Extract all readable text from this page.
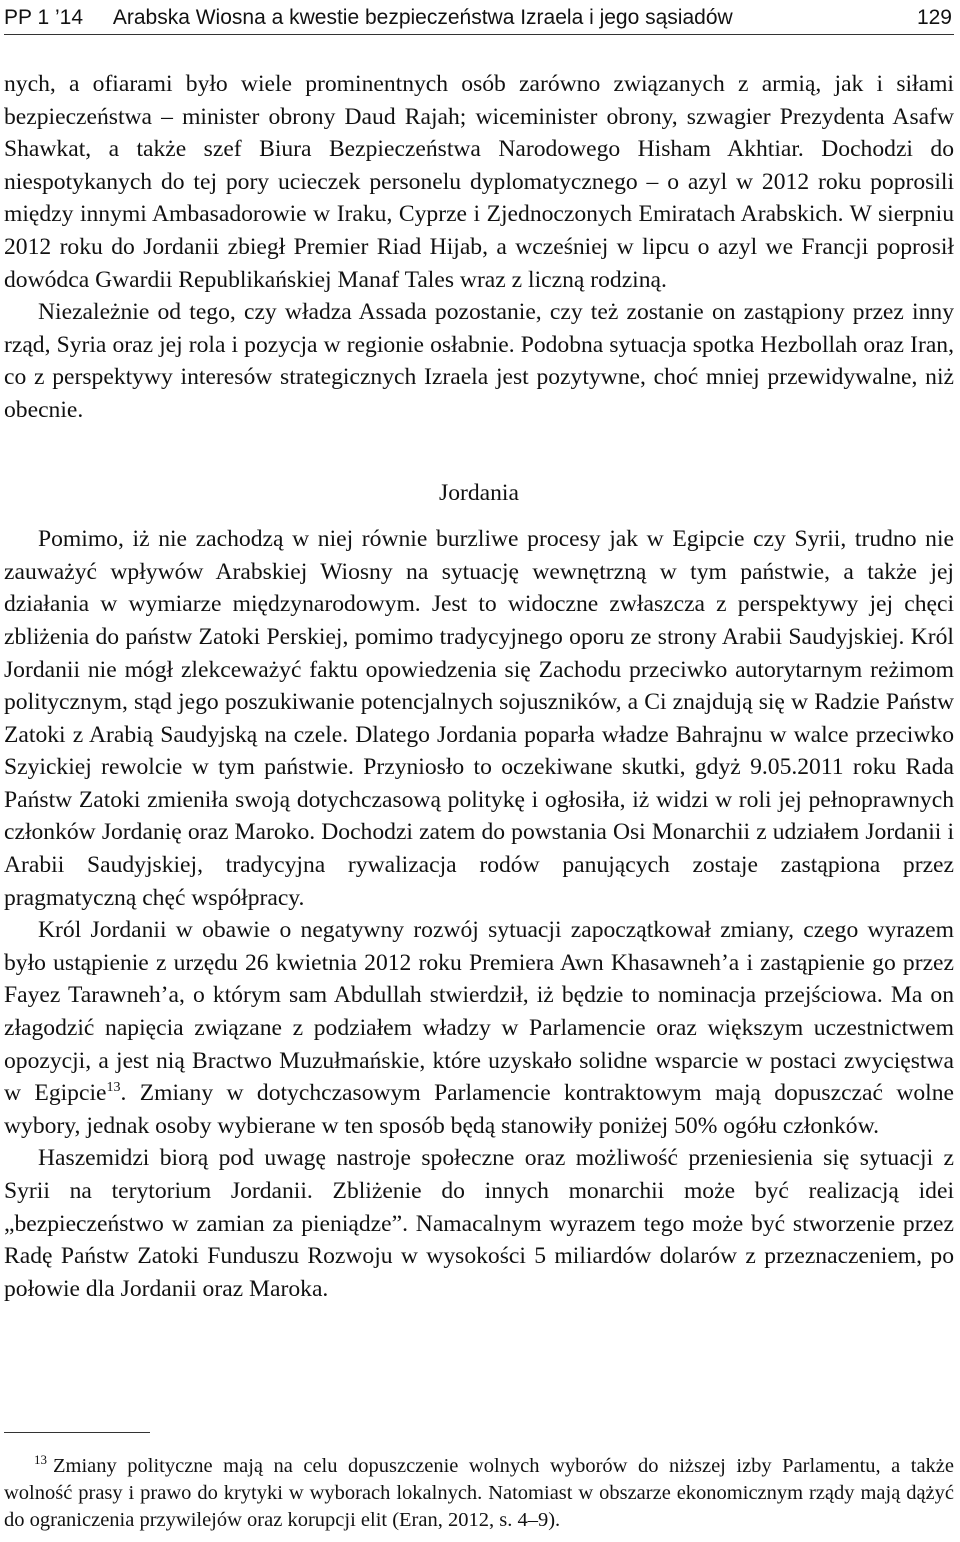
PP 1 ’14 Arabska Wiosna a kwestie bezpieczeństwa Izraela i jego sąsiadów	129

nych, a ofiarami było wiele prominentnych osób zarówno związanych z armią, jak i siłami bezpieczeństwa – minister obrony Daud Rajah; wiceminister obrony, szwagier Prezydenta Asafw Shawkat, a także szef Biura Bezpieczeństwa Narodowego Hisham Akhtiar. Dochodzi do niespotykanych do tej pory ucieczek personelu dyplomatycznego – o azyl w 2012 roku poprosili między innymi Ambasadorowie w Iraku, Cyprze i Zjednoczonych Emiratach Arabskich. W sierpniu 2012 roku do Jordanii zbiegł Premier Riad Hijab, a wcześniej w lipcu o azyl we Francji poprosił dowódca Gwardii Republikańskiej Manaf Tales wraz z liczną rodziną.

Niezależnie od tego, czy władza Assada pozostanie, czy też zostanie on zastąpiony przez inny rząd, Syria oraz jej rola i pozycja w regionie osłabnie. Podobna sytuacja spotka Hezbollah oraz Iran, co z perspektywy interesów strategicznych Izraela jest pozytywne, choć mniej przewidywalne, niż obecnie.

Jordania

Pomimo, iż nie zachodzą w niej równie burzliwe procesy jak w Egipcie czy Syrii, trudno nie zauważyć wpływów Arabskiej Wiosny na sytuację wewnętrzną w tym państwie, a także jej działania w wymiarze międzynarodowym. Jest to widoczne zwłaszcza z perspektywy jej chęci zbliżenia do państw Zatoki Perskiej, pomimo tradycyjnego oporu ze strony Arabii Saudyjskiej. Król Jordanii nie mógł zlekceważyć faktu opowiedzenia się Zachodu przeciwko autorytarnym reżimom politycznym, stąd jego poszukiwanie potencjalnych sojuszników, a Ci znajdują się w Radzie Państw Zatoki z Arabią Saudyjską na czele. Dlatego Jordania poparła władze Bahrajnu w walce przeciwko Szyickiej rewolcie w tym państwie. Przyniosło to oczekiwane skutki, gdyż 9.05.2011 roku Rada Państw Zatoki zmieniła swoją dotychczasową politykę i ogłosiła, iż widzi w roli jej pełnoprawnych członków Jordanię oraz Maroko. Dochodzi zatem do powstania Osi Monarchii z udziałem Jordanii i Arabii Saudyjskiej, tradycyjna rywalizacja rodów panujących zostaje zastąpiona przez pragmatyczną chęć współpracy.

Król Jordanii w obawie o negatywny rozwój sytuacji zapoczątkował zmiany, czego wyrazem było ustąpienie z urzędu 26 kwietnia 2012 roku Premiera Awn Khasawneh’a i zastąpienie go przez Fayez Tarawneh’a, o którym sam Abdullah stwierdził, iż będzie to nominacja przejściowa. Ma on złagodzić napięcia związane z podziałem władzy w Parlamencie oraz większym uczestnictwem opozycji, a jest nią Bractwo Muzułmańskie, które uzyskało solidne wsparcie w postaci zwycięstwa w Egipcie$^{13}$. Zmiany w dotychczasowym Parlamencie kontraktowym mają dopuszczać wolne wybory, jednak osoby wybierane w ten sposób będą stanowiły poniżej 50% ogółu członków.

Haszemidzi biorą pod uwagę nastroje społeczne oraz możliwość przeniesienia się sytuacji z Syrii na terytorium Jordanii. Zbliżenie do innych monarchii może być realizacją idei „bezpieczeństwo w zamian za pieniądze”. Namacalnym wyrazem tego może być stworzenie przez Radę Państw Zatoki Funduszu Rozwoju w wysokości 5 miliardów dolarów z przeznaczeniem, po połowie dla Jordanii oraz Maroka.

$^{13}$ Zmiany polityczne mają na celu dopuszczenie wolnych wyborów do niższej izby Parlamentu, a także wolność prasy i prawo do krytyki w wyborach lokalnych. Natomiast w obszarze ekonomicznym rządy mają dążyć do ograniczenia przywilejów oraz korupcji elit (Eran, 2012, s. 4–9).
